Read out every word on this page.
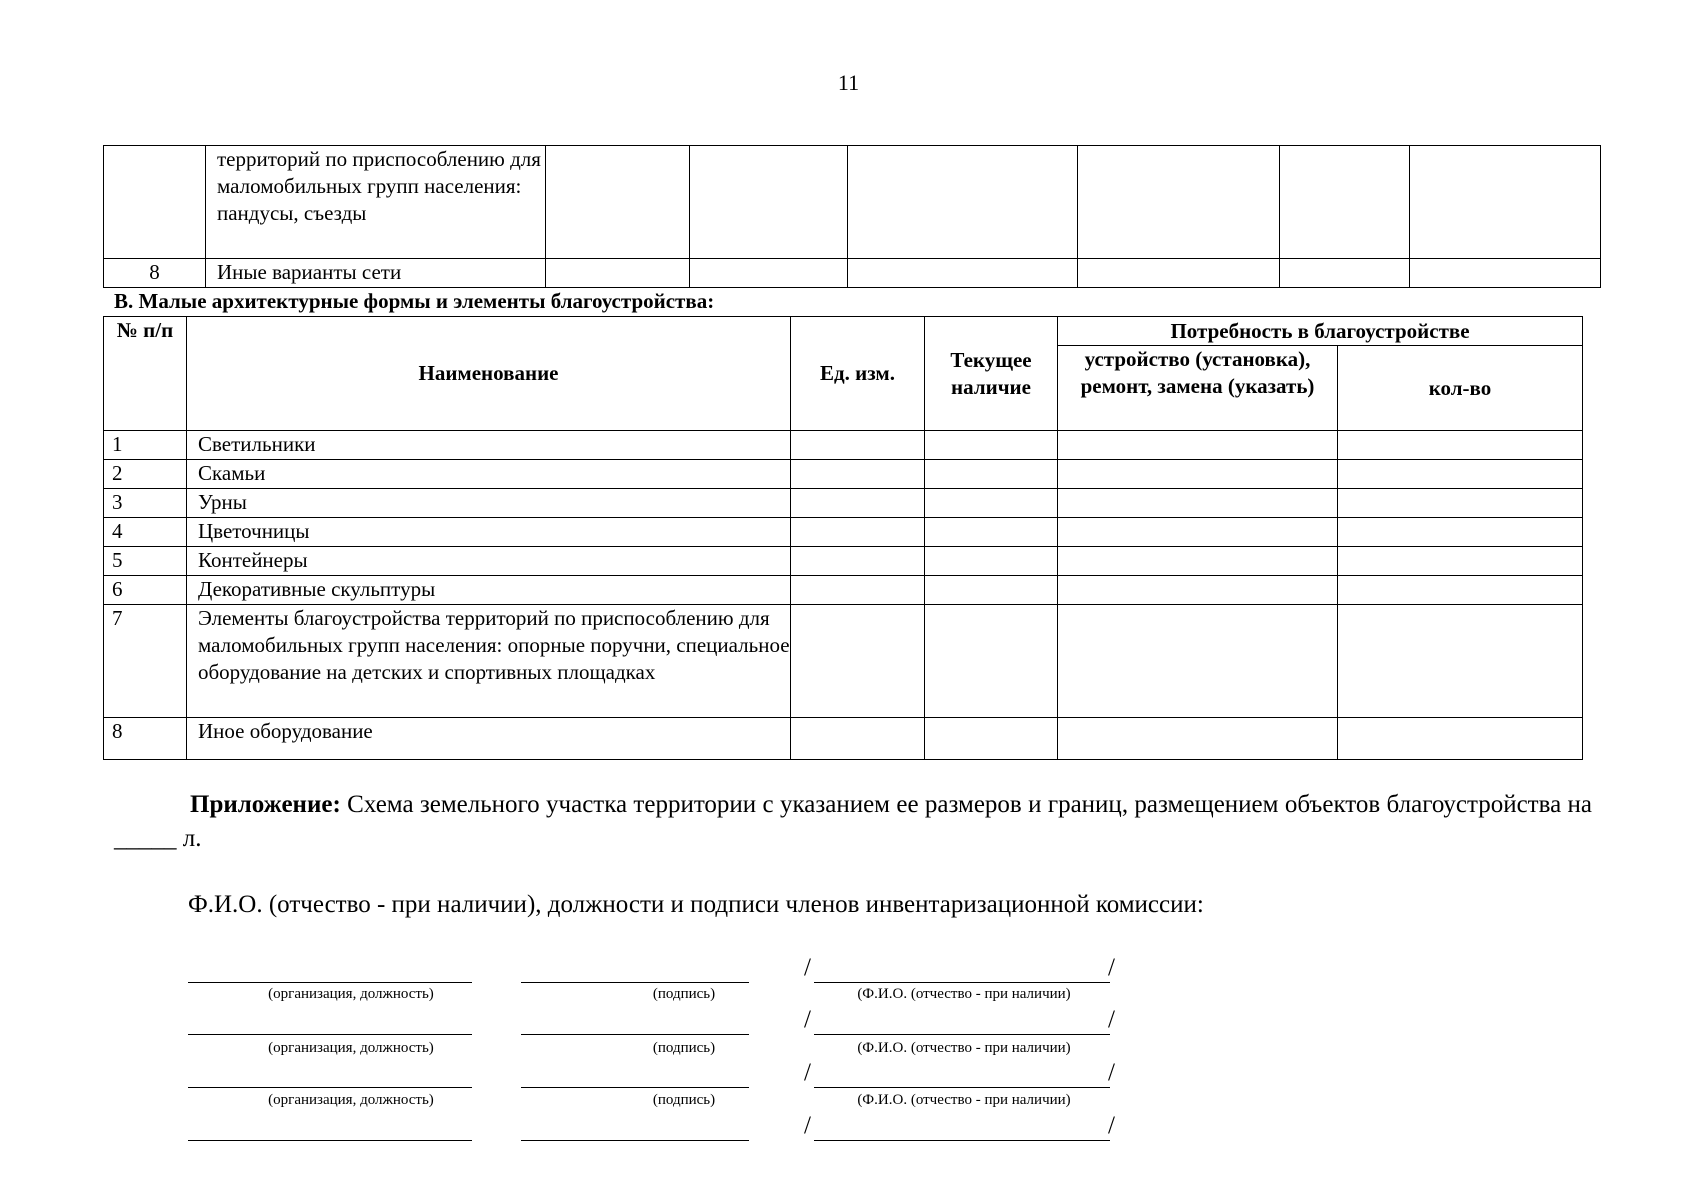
11
	территорий по приспособлению для маломобильных групп населения: пандусы, съезды						
8	Иные варианты сети						
В. Малые архитектурные формы и элементы благоустройства:
№ п/п	Наименование	Ед. изм.	Текущее наличие	Потребность в благоустройстве	
				устройство (установка), ремонт, замена (указать)	кол-во
1	Светильники				
2	Скамьи				
3	Урны				
4	Цветочницы				
5	Контейнеры				
6	Декоративные скульптуры				
7	Элементы благоустройства территорий по приспособлению для маломобильных групп населения: опорные поручни, специальное оборудование на детских и спортивных площадках				
8	Иное оборудование				
Приложение: Схема земельного участка территории с указанием ее размеров и границ, размещением объектов благоустройства на _____ л.
Ф.И.О. (отчество - при наличии), должности и подписи членов инвентаризационной комиссии:
/	/
(организация, должность)	(подпись)	(Ф.И.О. (отчество - при наличии)
/	/
(организация, должность)	(подпись)	(Ф.И.О. (отчество - при наличии)
/	/
(организация, должность)	(подпись)	(Ф.И.О. (отчество - при наличии)
/	/
